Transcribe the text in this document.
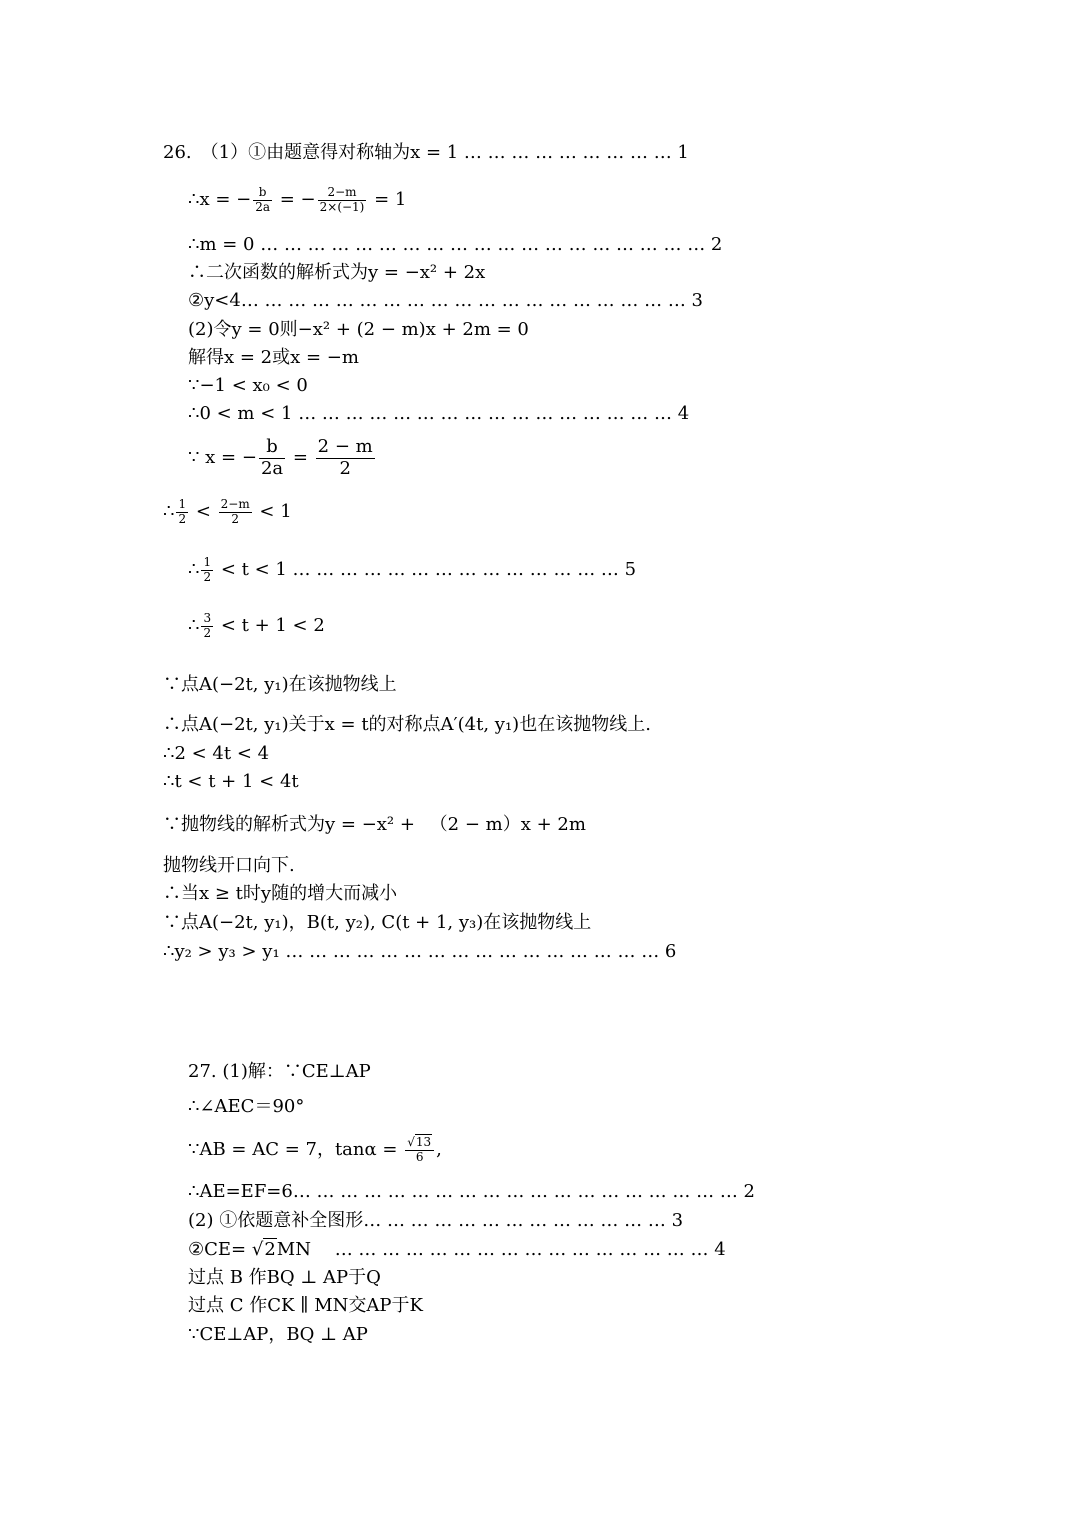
26.　（1）①由题意得对称轴为x = 1 … … … … … … … … … 1
∴x = − $\frac{b}{2a}$ = − $\frac{2-m}{2\times(-1)} = 1$
∴m = 0 … … … … … … … … … … … … … … … … … … … 2
∴二次函数的解析式为y = −x² + 2x
②y<4… … … … … … … … … … … … … … … … … … … 3
(2)令y = 0则−x² + (2 − m)x + 2m = 0
解得x = 2或x = −m
∵−1 < x₀ < 0
∴0 < m < 1 … … … … … … … … … … … … … … … … 4
∵ x = − $\frac{b}{2a} = \frac{2 - m}{2}$
∴ $\frac{1}{2} < \frac{2-m}{2} < 1$
∴ $\frac{1}{2} < t < 1$ … … … … … … … … … … … … … … 5
∴ $\frac{3}{2} < t + 1 < 2$
∵点A(−2t, y₁)在该抛物线上
∴点A(−2t, y₁)关于x = t的对称点A′(4t, y₁)也在该抛物线上.
∴2 < 4t < 4
∴t < t + 1 < 4t
∵抛物线的解析式为y = −x² + 　（2 − m）x + 2m
抛物线开口向下.
∴当x ≥ t时y随的增大而减小
∵点A(−2t, y₁)，B(t, y₂), C(t + 1, y₃)在该抛物线上
∴y₂ > y₃ > y₁ … … … … … … … … … … … … … … … … 6
27. (1)解：∵CE⊥AP
∴∠AEC＝90°
∵AB = AC = 7，$\tan\alpha = \frac{√13}{6}$ ,
∴AE=EF=6… … … … … … … … … … … … … … … … … … … 2
(2) ①依题意补全图形… … … … … … … … … … … … … 3
②CE= √2MN 　… … … … … … … … … … … … … … … … 4
过点 B 作BQ ⊥ AP于Q
过点 C 作CK ∥ MN交AP于K
∵CE⊥AP，BQ ⊥ AP
